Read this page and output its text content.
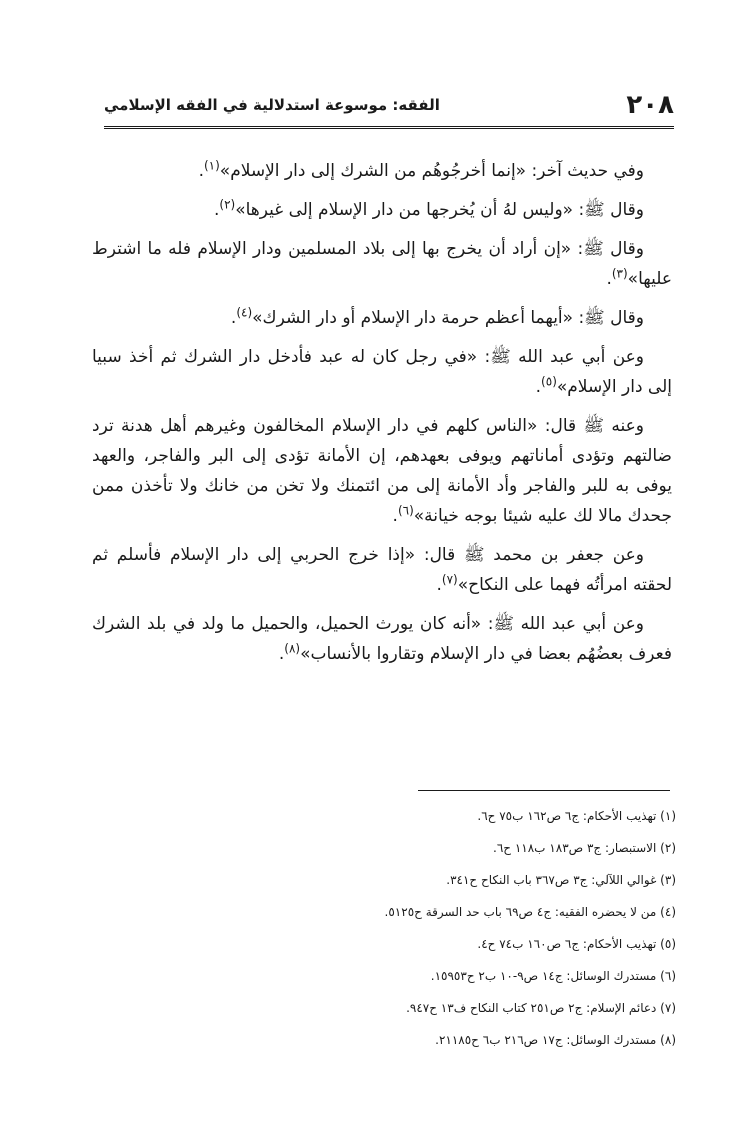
٢٠٨
الفقه: موسوعة استدلالية في الفقه الإسلامي

وفي حديث آخر: «إنما أخرجُوهُم من الشرك إلى دار الإسلام»$^{(١)}$.

وقال ﷺ: «وليس لهُ أن يُخرجها من دار الإسلام إلى غيرها»$^{(٢)}$.

وقال ﷺ: «إن أراد أن يخرج بها إلى بلاد المسلمين ودار الإسلام فله ما اشترط عليها»$^{(٣)}$.

وقال ﷺ: «أيهما أعظم حرمة دار الإسلام أو دار الشرك»$^{(٤)}$.

وعن أبي عبد الله ﷺ: «في رجل كان له عبد فأدخل دار الشرك ثم أخذ سبيا إلى دار الإسلام»$^{(٥)}$.

وعنه ﷺ قال: «الناس كلهم في دار الإسلام المخالفون وغيرهم أهل هدنة ترد ضالتهم وتؤدى أماناتهم ويوفى بعهدهم، إن الأمانة تؤدى إلى البر والفاجر، والعهد يوفى به للبر والفاجر وأد الأمانة إلى من ائتمنك ولا تخن من خانك ولا تأخذن ممن جحدك مالا لك عليه شيئا بوجه خيانة»$^{(٦)}$.

وعن جعفر بن محمد ﷺ قال: «إذا خرج الحربي إلى دار الإسلام فأسلم ثم لحقته امرأتُه فهما على النكاح»$^{(٧)}$.

وعن أبي عبد الله ﷺ: «أنه كان يورث الحميل، والحميل ما ولد في بلد الشرك فعرف بعضُهُم بعضا في دار الإسلام وتقاروا بالأنساب»$^{(٨)}$.

(١) تهذيب الأحكام: ج٦ ص١٦٢ ب٧٥ ح٦.

(٢) الاستبصار: ج٣ ص١٨٣ ب١١٨ ح٦.

(٣) غوالي اللآلي: ج٣ ص٣٦٧ باب النكاح ح٣٤١.

(٤) من لا يحضره الفقيه: ج٤ ص٦٩ باب حد السرقة ح٥١٢٥.

(٥) تهذيب الأحكام: ج٦ ص١٦٠ ب٧٤ ح٤.

(٦) مستدرك الوسائل: ج١٤ ص٩-١٠ ب٢ ح١٥٩٥٣.

(٧) دعائم الإسلام: ج٢ ص٢٥١ كتاب النكاح ف١٣ ح٩٤٧.

(٨) مستدرك الوسائل: ج١٧ ص٢١٦ ب٦ ح٢١١٨٥.
